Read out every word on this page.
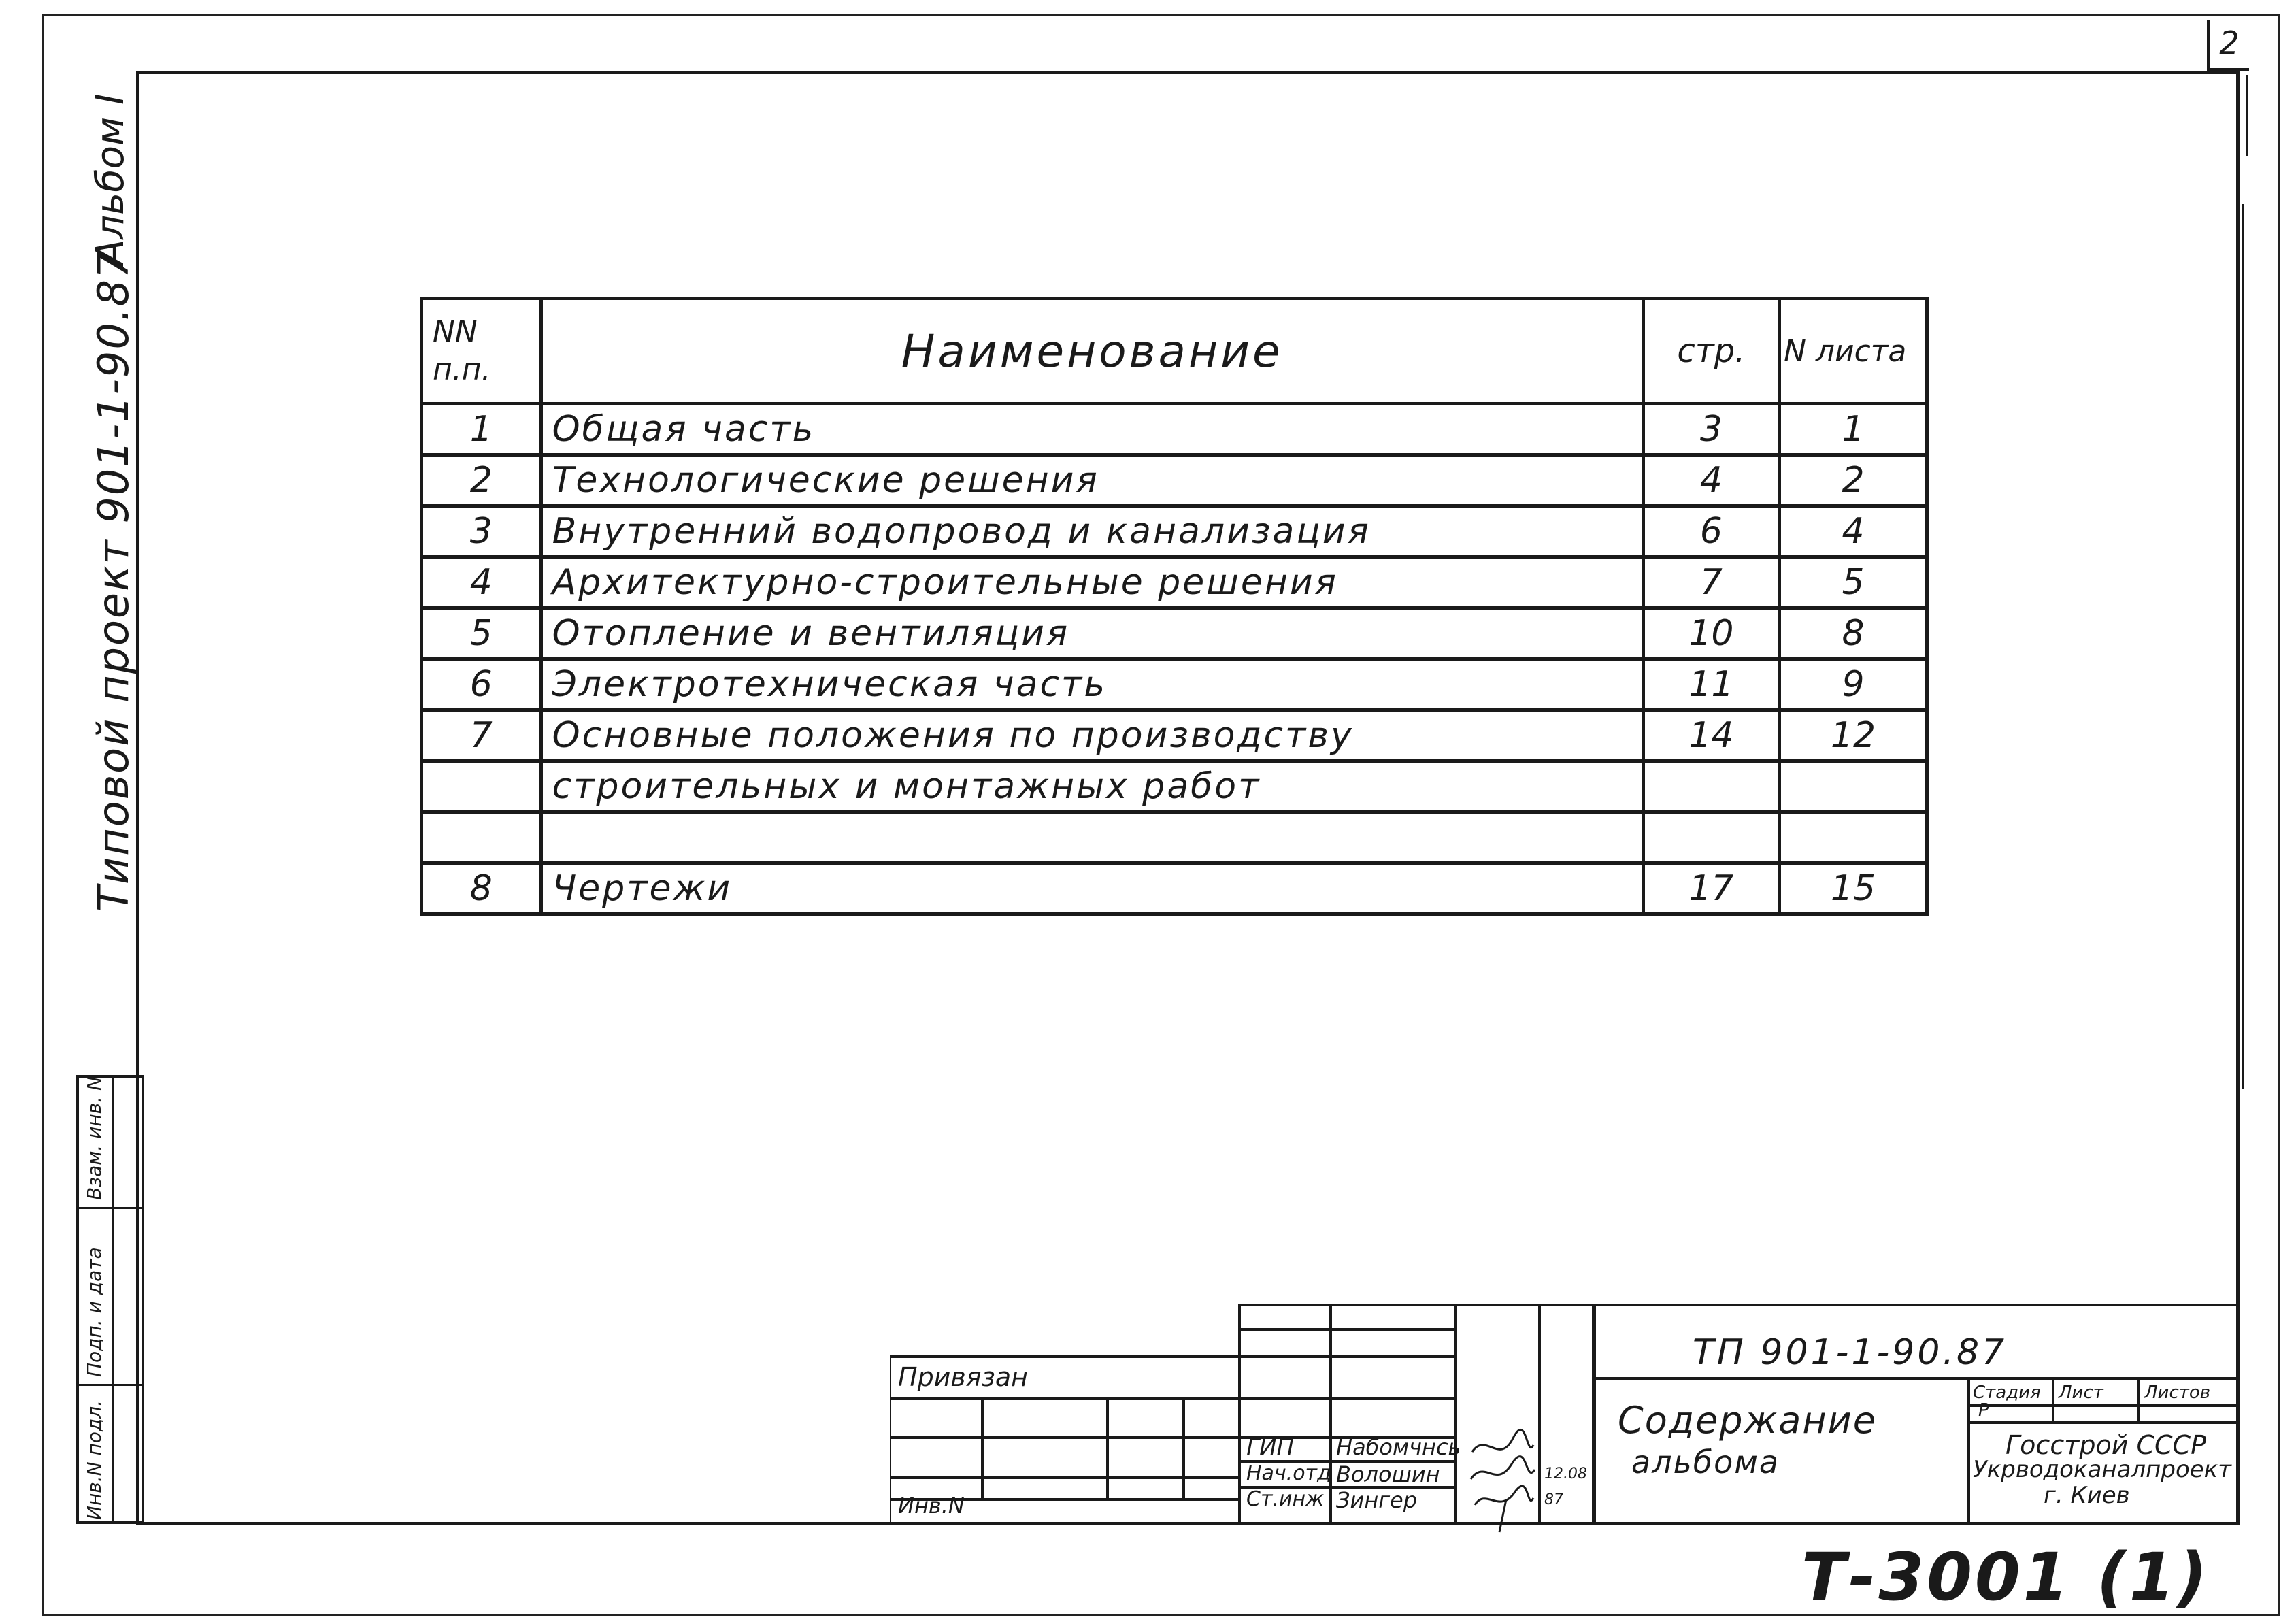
2
Альбом I
Типовой проект 901-1-90.87
Инв.N подл.
Подп. и дата
Взам. инв. N
NN п.п.	Наименование	стр.	N листа
1	Общая часть	3	1
2	Технологические решения	4	2
3	Внутренний водопровод и канализация	6	4
4	Архитектурно-строительные решения	7	5
5	Отопление и вентиляция	10	8
6	Электротехническая часть	11	9
7	Основные положения по производству	14	12
	строительных и монтажных работ		

8	Чертежи	17	15
ТП 901-1-90.87
Привязан
Инв.N
Содержание
альбома
Стадия Лист Листов
Р
Госстрой СССР
Укрводоканалпроект
г. Киев
ГИП Набомчнсь
Нач.отд Волошин	12.08
Ст.инж Зингер	87
Т-3001 (1)
